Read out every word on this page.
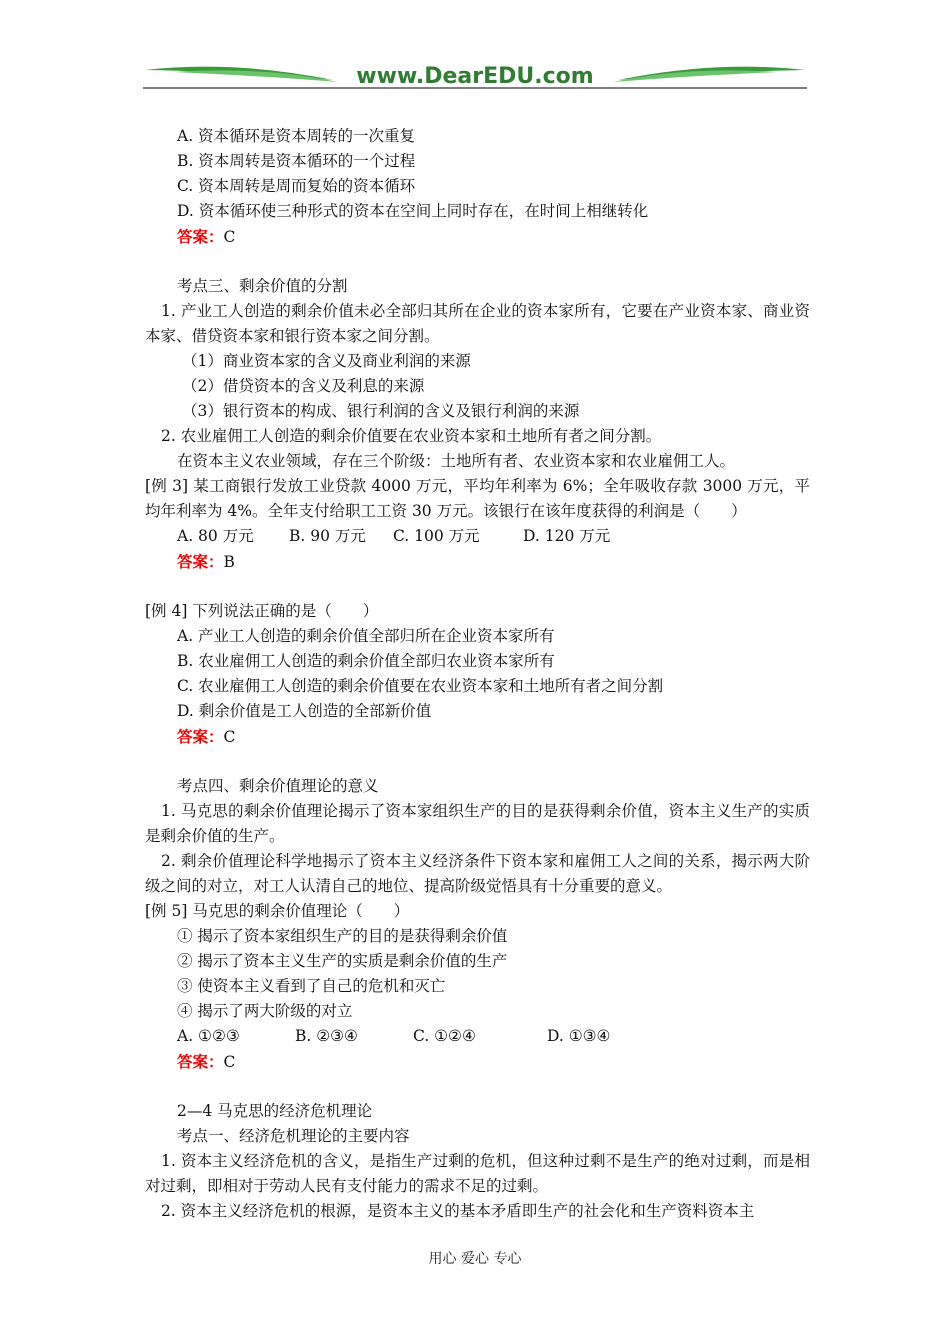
www.DearEDU.com
A. 资本循环是资本周转的一次重复
B. 资本周转是资本循环的一个过程
C. 资本周转是周而复始的资本循环
D. 资本循环使三种形式的资本在空间上同时存在，在时间上相继转化
答案：C
考点三、剩余价值的分割
1. 产业工人创造的剩余价值未必全部归其所在企业的资本家所有，它要在产业资本家、商业资本家、借贷资本家和银行资本家之间分割。
（1）商业资本家的含义及商业利润的来源
（2）借贷资本的含义及利息的来源
（3）银行资本的构成、银行利润的含义及银行利润的来源
2. 农业雇佣工人创造的剩余价值要在农业资本家和土地所有者之间分割。
在资本主义农业领域，存在三个阶级：土地所有者、农业资本家和农业雇佣工人。
[例 3] 某工商银行发放工业贷款 4000 万元，平均年利率为 6%；全年吸收存款 3000 万元，平均年利率为 4%。全年支付给职工工资 30 万元。该银行在该年度获得的利润是（　　）
A. 80 万元	B. 90 万元	C. 100 万元	D. 120 万元
答案：B
[例 4] 下列说法正确的是（　　）
A. 产业工人创造的剩余价值全部归所在企业资本家所有
B. 农业雇佣工人创造的剩余价值全部归农业资本家所有
C. 农业雇佣工人创造的剩余价值要在农业资本家和土地所有者之间分割
D. 剩余价值是工人创造的全部新价值
答案：C
考点四、剩余价值理论的意义
1. 马克思的剩余价值理论揭示了资本家组织生产的目的是获得剩余价值，资本主义生产的实质是剩余价值的生产。
2. 剩余价值理论科学地揭示了资本主义经济条件下资本家和雇佣工人之间的关系，揭示两大阶级之间的对立，对工人认清自己的地位、提高阶级觉悟具有十分重要的意义。
[例 5] 马克思的剩余价值理论（　　）
① 揭示了资本家组织生产的目的是获得剩余价值
② 揭示了资本主义生产的实质是剩余价值的生产
③ 使资本主义看到了自己的危机和灭亡
④ 揭示了两大阶级的对立
A. ①②③	B. ②③④	C. ①②④	D. ①③④
答案：C
2—4 马克思的经济危机理论
考点一、经济危机理论的主要内容
1. 资本主义经济危机的含义，是指生产过剩的危机，但这种过剩不是生产的绝对过剩，而是相对过剩，即相对于劳动人民有支付能力的需求不足的过剩。
2. 资本主义经济危机的根源，是资本主义的基本矛盾即生产的社会化和生产资料资本主
用心 爱心 专心
